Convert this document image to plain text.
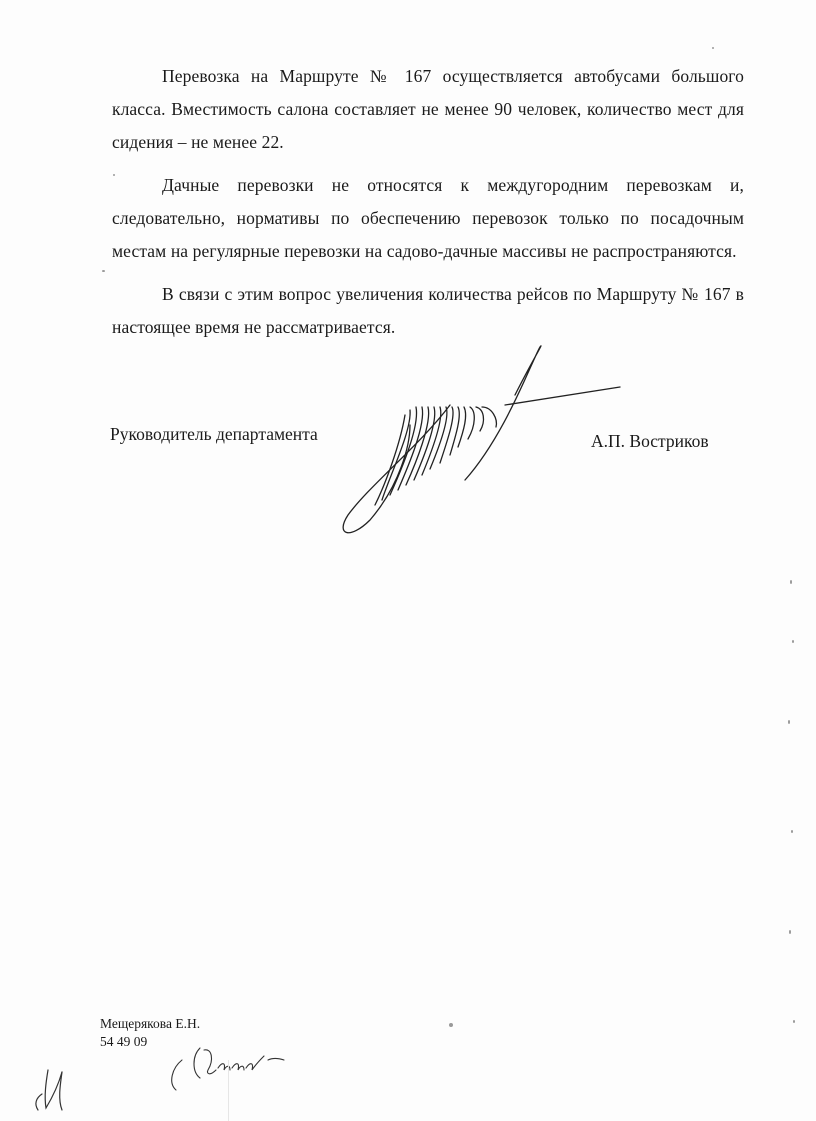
Перевозка на Маршруте № 167 осуществляется автобусами большого класса. Вместимость салона составляет не менее 90 человек, количество мест для сидения – не менее 22.

Дачные перевозки не относятся к междугородним перевозкам и, следовательно, нормативы по обеспечению перевозок только по посадочным местам на регулярные перевозки на садово-дачные массивы не распространяются.

В связи с этим вопрос увеличения количества рейсов по Маршруту № 167 в настоящее время не рассматривается.

Руководитель департамента	А.П. Востриков
Мещерякова Е.Н.
54 49 09
